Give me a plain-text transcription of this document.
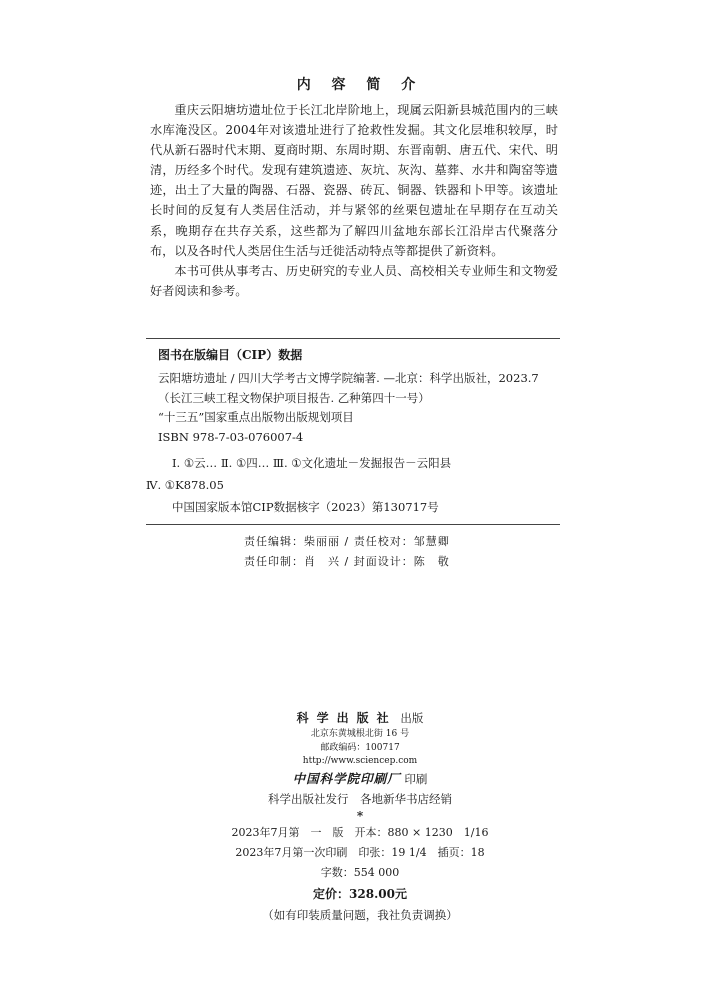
内 容 简 介

重庆云阳塘坊遗址位于长江北岸阶地上，现属云阳新县城范围内的三峡水库淹没区。2004年对该遗址进行了抢救性发掘。其文化层堆积较厚，时代从新石器时代末期、夏商时期、东周时期、东晋南朝、唐五代、宋代、明清，历经多个时代。发现有建筑遗迹、灰坑、灰沟、墓葬、水井和陶窑等遗迹，出土了大量的陶器、石器、瓷器、砖瓦、铜器、铁器和卜甲等。该遗址长时间的反复有人类居住活动，并与紧邻的丝栗包遗址在早期存在互动关系，晚期存在共存关系，这些都为了解四川盆地东部长江沿岸古代聚落分布，以及各时代人类居住生活与迁徙活动特点等都提供了新资料。

本书可供从事考古、历史研究的专业人员、高校相关专业师生和文物爱好者阅读和参考。

图书在版编目（CIP）数据
云阳塘坊遗址 / 四川大学考古文博学院编著. —北京：科学出版社，2023.7
（长江三峡工程文物保护项目报告. 乙种第四十一号）
“十三五”国家重点出版物出版规划项目
ISBN 978-7-03-076007-4
Ⅰ. ①云… Ⅱ. ①四… Ⅲ. ①文化遗址－发掘报告－云阳县
Ⅳ. ①K878.05
中国国家版本馆CIP数据核字（2023）第130717号
责任编辑：柴丽丽 / 责任校对：邹慧卿
责任印制：肖　兴 / 封面设计：陈　敬
科学出版社 出版
北京东黄城根北街 16 号
邮政编码：100717
http://www.sciencep.com
中国科学院印刷厂 印刷
科学出版社发行　各地新华书店经销
*
2023年7月第　一　版　开本：880 × 1230　1/16
2023年7月第一次印刷　印张：19 1/4　插页：18
字数：554 000
定价：328.00元
（如有印装质量问题，我社负责调换）
